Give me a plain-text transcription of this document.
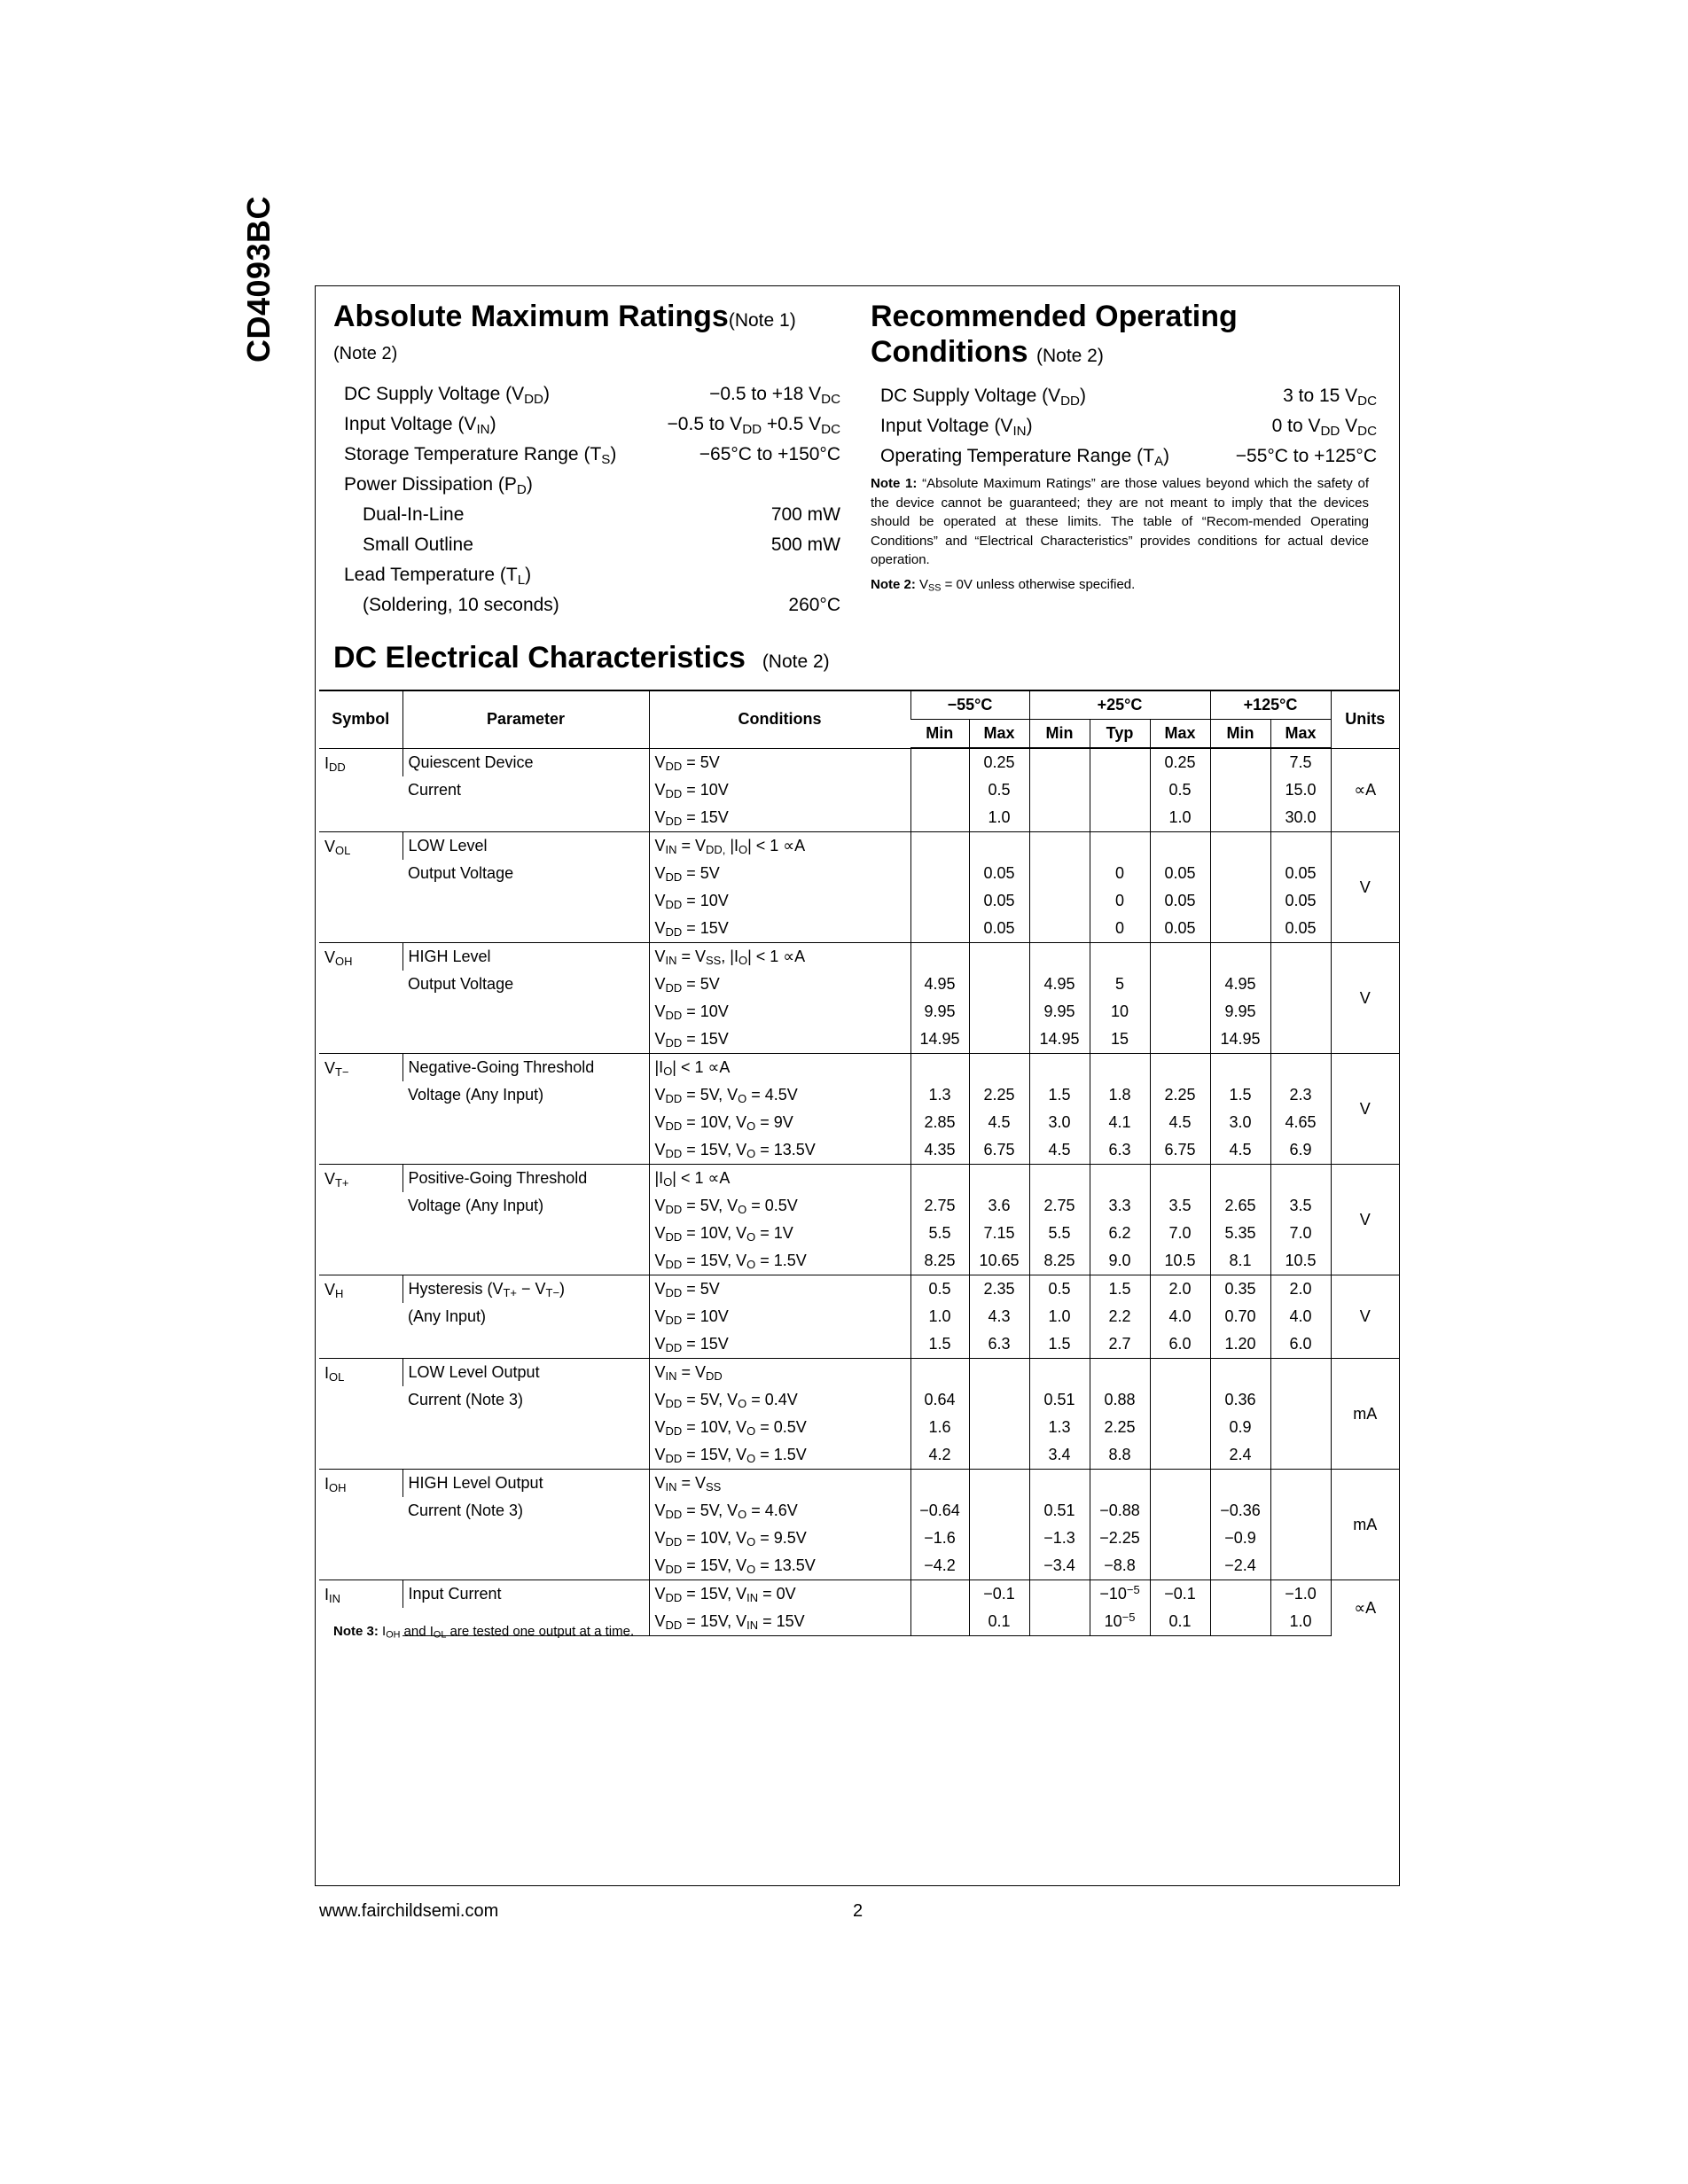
CD4093BC Absolute Maximum Ratings(Note 1)
(Note 2)
DC Supply Voltage $(V_{DD})$	−0.5 to +18 $V_{DC}$
Input Voltage $(V_{IN})$	−0.5 to $V_{DD} +0.5$ $V_{DC}$
Storage Temperature Range $(T_S)$	−65°C to +150°C
Power Dissipation $(P_D)$
Dual-In-Line	700 mW
Small Outline	500 mW
Lead Temperature $(T_L)$
(Soldering, 10 seconds)	260°C
Recommended Operating
Conditions (Note 2)
DC Supply Voltage $(V_{DD})$	3 to 15 $V_{DC}$
Input Voltage $(V_{IN})$	0 to $V_{DD}$ $V_{DC}$
Operating Temperature Range $(T_A)$	−55°C to +125°C

Note 1: “Absolute Maximum Ratings” are those values beyond which the safety of the device cannot be guaranteed; they are not meant to imply that the devices should be operated at these limits. The table of “Recom-mended Operating Conditions” and “Electrical Characteristics” provides conditions for actual device operation.

Note 2: $V_{SS} = 0V$ unless otherwise specified.

DC Electrical Characteristics (Note 2)
Symbol	Parameter	Conditions	−55°C		+25°C			+125°C		Units
			Min	Max	Min	Typ	Max	Min	Max	
$I_{DD}$	Quiescent Device	$V_{DD} = 5V$		0.25			0.25		7.5	∝A
	Current	$V_{DD} = 10V$		0.5			0.5		15.0	
		$V_{DD} = 15V$		1.0			1.0		30.0	
$V_{OL}$	LOW Level	$V_{IN} = V_{DD,}$ $|I_O| < 1 \propto A$								V
	Output Voltage	$V_{DD} = 5V$		0.05		0	0.05		0.05	
		$V_{DD} = 10V$		0.05		0	0.05		0.05	
		$V_{DD} = 15V$		0.05		0	0.05		0.05	
$V_{OH}$	HIGH Level	$V_{IN} = V_{SS}$, $|I_O| < 1 \propto A$								V
	Output Voltage	$V_{DD} = 5V$	4.95		4.95	5		4.95		
		$V_{DD} = 10V$	9.95		9.95	10		9.95		
		$V_{DD} = 15V$	14.95		14.95	15		14.95		
$V_{T-}$	Negative-Going Threshold	$|I_O| < 1 \propto A$								V
	Voltage (Any Input)	$V_{DD} = 5V$, $V_O = 4.5V$	1.3	2.25	1.5	1.8	2.25	1.5	2.3	
		$V_{DD} = 10V$, $V_O = 9V$	2.85	4.5	3.0	4.1	4.5	3.0	4.65	
		$V_{DD} = 15V$, $V_O = 13.5V$	4.35	6.75	4.5	6.3	6.75	4.5	6.9	
$V_{T+}$	Positive-Going Threshold	$|I_O| < 1 \propto A$								V
	Voltage (Any Input)	$V_{DD} = 5V$, $V_O = 0.5V$	2.75	3.6	2.75	3.3	3.5	2.65	3.5	
		$V_{DD} = 10V$, $V_O = 1V$	5.5	7.15	5.5	6.2	7.0	5.35	7.0	
		$V_{DD} = 15V$, $V_O = 1.5V$	8.25	10.65	8.25	9.0	10.5	8.1	10.5	
$V_H$	Hysteresis $(V_{T+} - V_{T-})$	$V_{DD} = 5V$	0.5	2.35	0.5	1.5	2.0	0.35	2.0	V
	(Any Input)	$V_{DD} = 10V$	1.0	4.3	1.0	2.2	4.0	0.70	4.0	
		$V_{DD} = 15V$	1.5	6.3	1.5	2.7	6.0	1.20	6.0	
$I_{OL}$	LOW Level Output	$V_{IN} = V_{DD}$								mA
	Current (Note 3)	$V_{DD} = 5V$, $V_O = 0.4V$	0.64		0.51	0.88		0.36		
		$V_{DD} = 10V$, $V_O = 0.5V$	1.6		1.3	2.25		0.9		
		$V_{DD} = 15V$, $V_O = 1.5V$	4.2		3.4	8.8		2.4		
$I_{OH}$	HIGH Level Output	$V_{IN} = V_{SS}$								mA
	Current (Note 3)	$V_{DD} = 5V$, $V_O = 4.6V$	−0.64		0.51	−0.88		−0.36		
		$V_{DD} = 10V$, $V_O = 9.5V$	−1.6		−1.3	−2.25		−0.9		
		$V_{DD} = 15V$, $V_O = 13.5V$	−4.2		−3.4	−8.8		−2.4		
$I_{IN}$	Input Current	$V_{DD} = 15V$, $V_{IN} = 0V$		−0.1		$-10^{-5}$	−0.1		−1.0	∝A
		$V_{DD} = 15V$, $V_{IN} = 15V$		0.1		$10^{-5}$	0.1		1.0	
Note 3: $I_{OH}$ and $I_{OL}$ are tested one output at a time.
www.fairchildsemi.com	2
